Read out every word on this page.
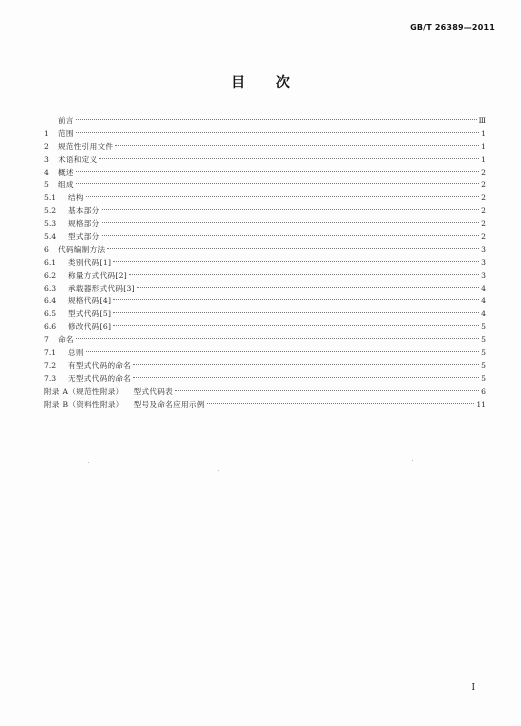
GB/T 26389—2011
目 次
前言	Ⅲ
1	范围	1
2	规范性引用文件	1
3	术语和定义	1
4	概述	2
5	组成	2
5.1	结构	2
5.2	基本部分	2
5.3	规格部分	2
5.4	型式部分	2
6	代码编制方法	3
6.1	类别代码[1]	3
6.2	称量方式代码[2]	3
6.3	承载器形式代码[3]	4
6.4	规格代码[4]	4
6.5	型式代码[5]	4
6.6	修改代码[6]	5
7	命名	5
7.1	总则	5
7.2	有型式代码的命名	5
7.3	无型式代码的命名	5
附录 A（规范性附录） 型式代码表	6
附录 B（资料性附录） 型号及命名应用示例	11
Ⅰ
